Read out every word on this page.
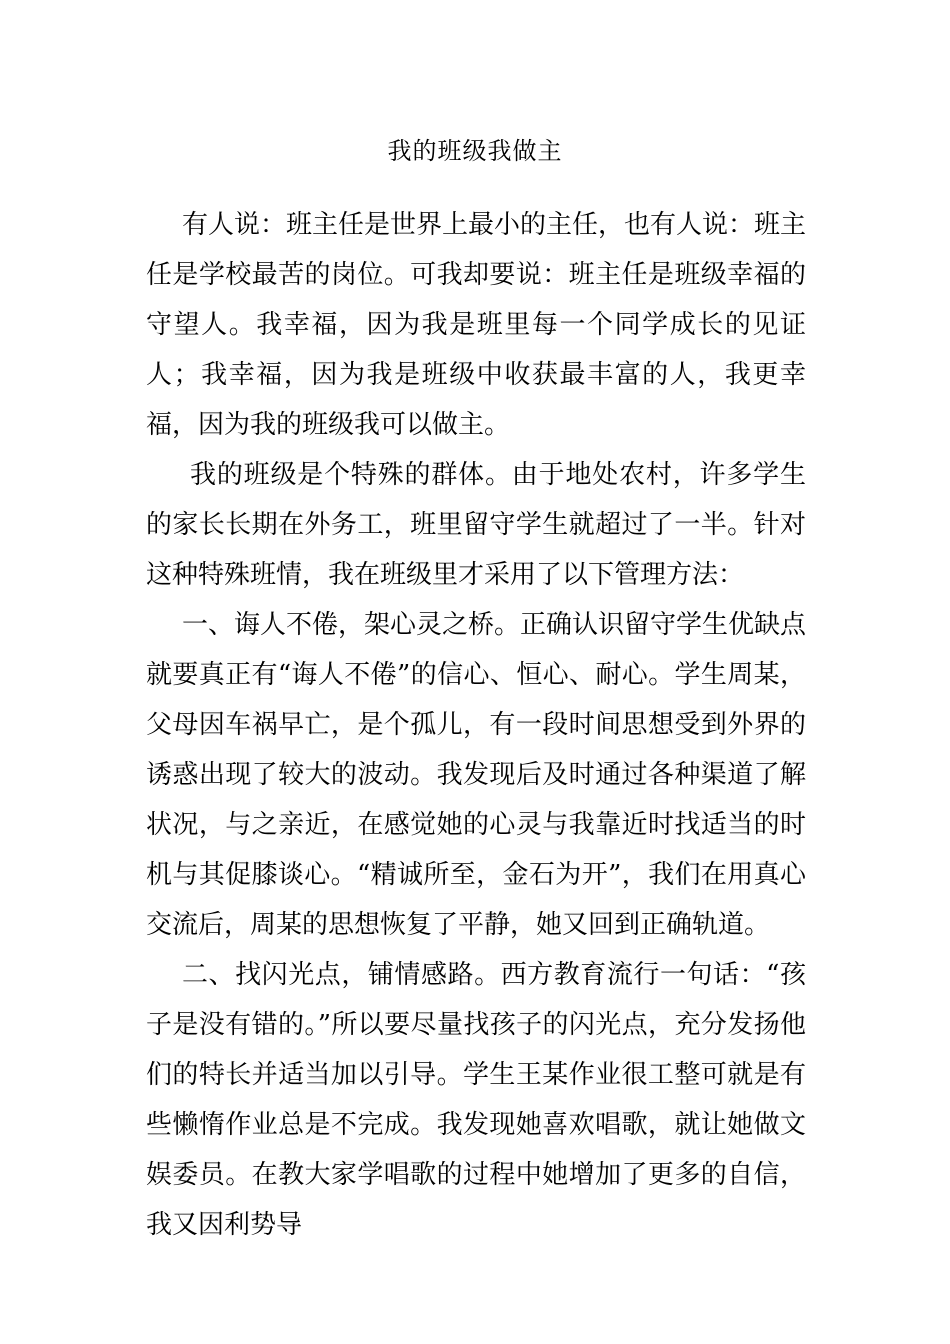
我的班级我做主

有人说：班主任是世界上最小的主任，也有人说：班主任是学校最苦的岗位。可我却要说：班主任是班级幸福的守望人。我幸福，因为我是班里每一个同学成长的见证人；我幸福，因为我是班级中收获最丰富的人，我更幸福，因为我的班级我可以做主。

我的班级是个特殊的群体。由于地处农村，许多学生的家长长期在外务工，班里留守学生就超过了一半。针对这种特殊班情，我在班级里才采用了以下管理方法：

一、诲人不倦，架心灵之桥。正确认识留守学生优缺点就要真正有“诲人不倦”的信心、恒心、耐心。学生周某，父母因车祸早亡，是个孤儿，有一段时间思想受到外界的诱惑出现了较大的波动。我发现后及时通过各种渠道了解状况，与之亲近，在感觉她的心灵与我靠近时找适当的时机与其促膝谈心。“精诚所至，金石为开”，我们在用真心交流后，周某的思想恢复了平静，她又回到正确轨道。

二、找闪光点，铺情感路。西方教育流行一句话：“孩子是没有错的。”所以要尽量找孩子的闪光点，充分发扬他们的特长并适当加以引导。学生王某作业很工整可就是有些懒惰作业总是不完成。我发现她喜欢唱歌，就让她做文娱委员。在教大家学唱歌的过程中她增加了更多的自信，我又因利势导
